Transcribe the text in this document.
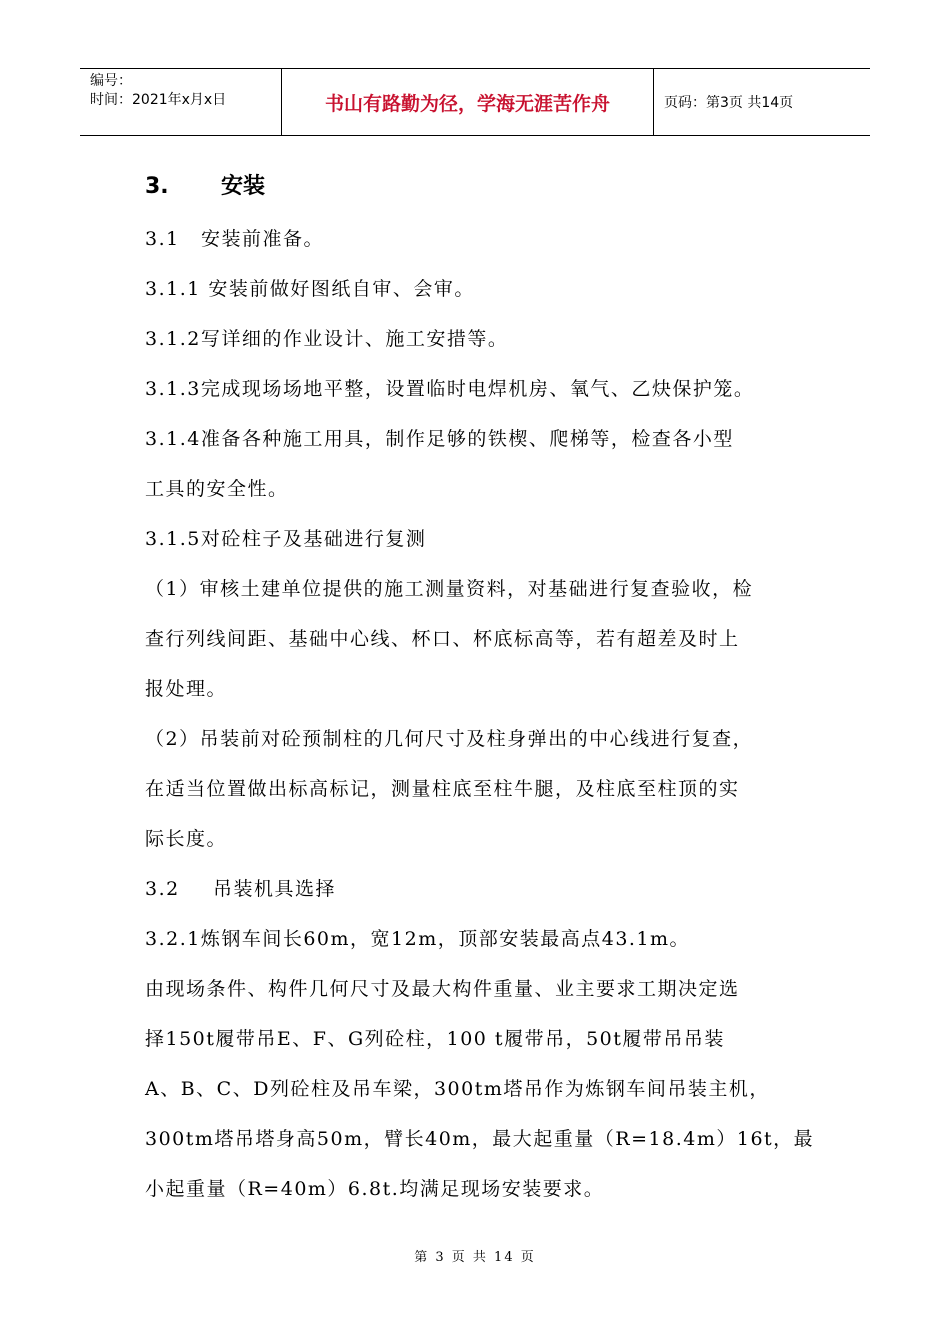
编号：
时间：2021年x月x日	书山有路勤为径，学海无涯苦作舟	页码：第3页 共14页

3. 安装

3.1 安装前准备。

3.1.1 安装前做好图纸自审、会审。

3.1.2写详细的作业设计、施工安措等。

3.1.3完成现场场地平整，设置临时电焊机房、氧气、乙炔保护笼。

3.1.4准备各种施工用具，制作足够的铁楔、爬梯等，检查各小型

工具的安全性。

3.1.5对砼柱子及基础进行复测

（1）审核土建单位提供的施工测量资料，对基础进行复查验收，检

查行列线间距、基础中心线、杯口、杯底标高等，若有超差及时上

报处理。

（2）吊装前对砼预制柱的几何尺寸及柱身弹出的中心线进行复查，

在适当位置做出标高标记，测量柱底至柱牛腿，及柱底至柱顶的实

际长度。

3.2 吊装机具选择

3.2.1炼钢车间长60m，宽12m，顶部安装最高点43.1m。

由现场条件、构件几何尺寸及最大构件重量、业主要求工期决定选

择150t履带吊E、F、G列砼柱，100 t履带吊，50t履带吊吊装

A、B、C、D列砼柱及吊车梁，300tm塔吊作为炼钢车间吊装主机，

300tm塔吊塔身高50m，臂长40m，最大起重量（R=18.4m）16t，最

小起重量（R=40m）6.8t.均满足现场安装要求。

第 3 页 共 14 页
